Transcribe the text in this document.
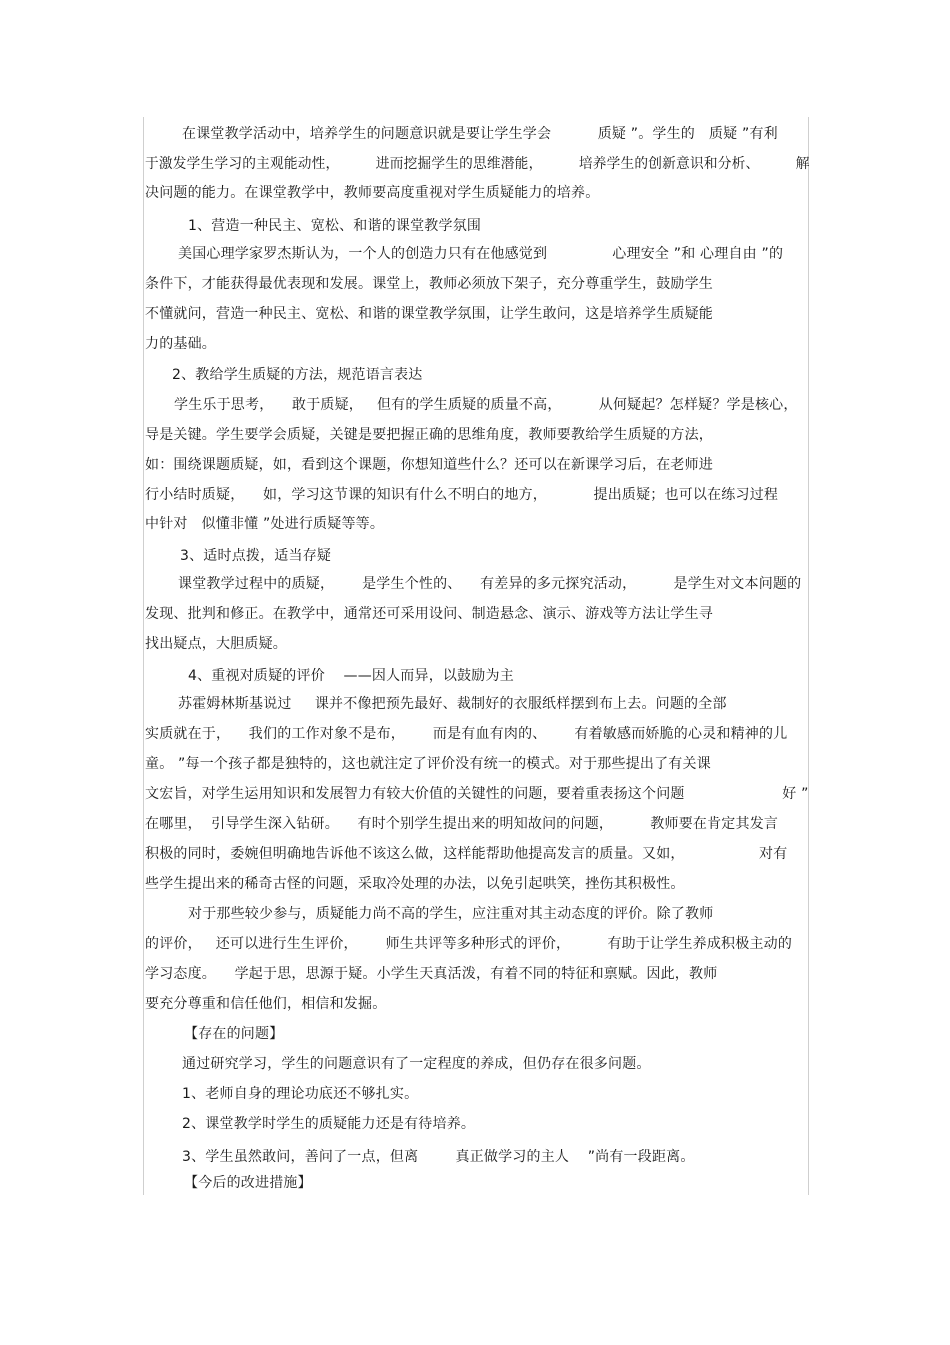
在课堂教学活动中，培养学生的问题意识就是要让学生学会          质疑 ”。学生的   质疑 ”有利
于激发学生学习的主观能动性，        进而挖掘学生的思维潜能，        培养学生的创新意识和分析、        解
决问题的能力。在课堂教学中，教师要高度重视对学生质疑能力的培养。
1、营造一种民主、宽松、和谐的课堂教学氛围
美国心理学家罗杰斯认为，一个人的创造力只有在他感觉到              心理安全 ”和 心理自由 ”的
条件下，才能获得最优表现和发展。课堂上，教师必须放下架子，充分尊重学生，鼓励学生
不懂就问，营造一种民主、宽松、和谐的课堂教学氛围，让学生敢问，这是培养学生质疑能
力的基础。
2、教给学生质疑的方法，规范语言表达
学生乐于思考，    敢于质疑，   但有的学生质疑的质量不高，        从何疑起？怎样疑？学是核心，
导是关键。学生要学会质疑，关键是要把握正确的思维角度，教师要教给学生质疑的方法，
如：围绕课题质疑，如，看到这个课题，你想知道些什么？还可以在新课学习后，在老师进
行小结时质疑，    如，学习这节课的知识有什么不明白的地方，          提出质疑；也可以在练习过程
中针对   似懂非懂 ”处进行质疑等等。
3、适时点拨，适当存疑
课堂教学过程中的质疑，      是学生个性的、    有差异的多元探究活动，        是学生对文本问题的
发现、批判和修正。在教学中，通常还可采用设问、制造悬念、演示、游戏等方法让学生寻
找出疑点，大胆质疑。
4、重视对质疑的评价    ——因人而异，以鼓励为主
苏霍姆林斯基说过     课并不像把预先最好、裁制好的衣服纸样摆到布上去。问题的全部
实质就在于，    我们的工作对象不是布，      而是有血有肉的、      有着敏感而娇脆的心灵和精神的儿
童。 ”每一个孩子都是独特的，这也就注定了评价没有统一的模式。对于那些提出了有关课
文宏旨，对学生运用知识和发展智力有较大价值的关键性的问题，要着重表扬这个问题                     好 ”
在哪里，  引导学生深入钻研。    有时个别学生提出来的明知故问的问题，        教师要在肯定其发言
积极的同时，委婉但明确地告诉他不该这么做，这样能帮助他提高发言的质量。又如，                对有
些学生提出来的稀奇古怪的问题，采取冷处理的办法，以免引起哄笑，挫伤其积极性。
对于那些较少参与，质疑能力尚不高的学生，应注重对其主动态度的评价。除了教师
的评价，   还可以进行生生评价，      师生共评等多种形式的评价，        有助于让学生养成积极主动的
学习态度。    学起于思，思源于疑。小学生天真活泼，有着不同的特征和禀赋。因此，教师
要充分尊重和信任他们，相信和发掘。
【存在的问题】
通过研究学习，学生的问题意识有了一定程度的养成，但仍存在很多问题。
1、老师自身的理论功底还不够扎实。
2、课堂教学时学生的质疑能力还是有待培养。
3、学生虽然敢问，善问了一点，但离        真正做学习的主人    ”尚有一段距离。
【今后的改进措施】
